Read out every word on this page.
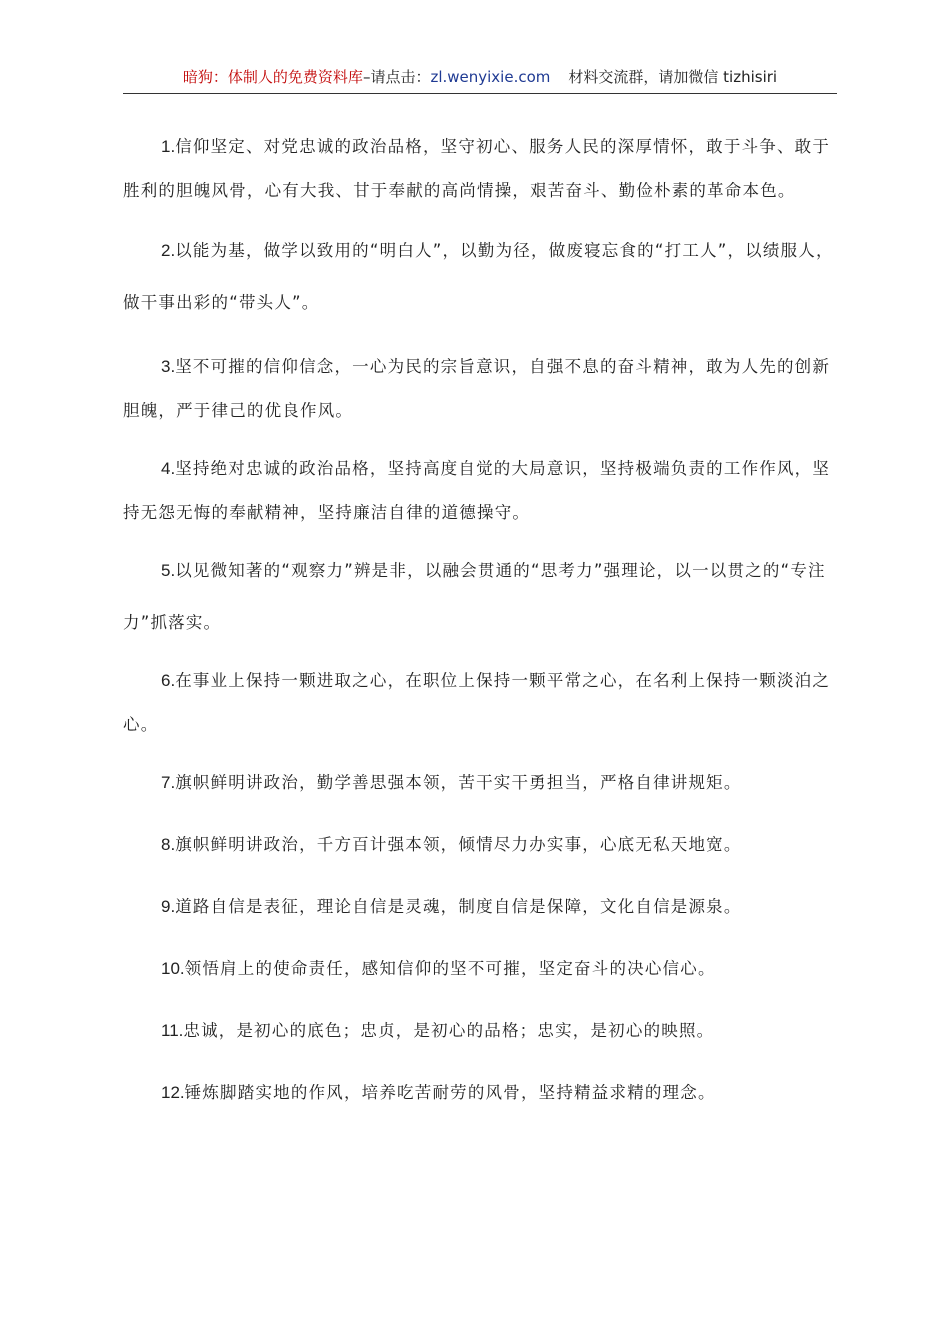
暗狗：体制人的免费资料库–请点击：zl.wenyixie.com 材料交流群，请加微信 tizhisiri

1.信仰坚定、对党忠诚的政治品格，坚守初心、服务人民的深厚情怀，敢于斗争、敢于胜利的胆魄风骨，心有大我、甘于奉献的高尚情操，艰苦奋斗、勤俭朴素的革命本色。

2.以能为基，做学以致用的“明白人”，以勤为径，做废寝忘食的“打工人”，以绩服人，做干事出彩的“带头人”。

3.坚不可摧的信仰信念，一心为民的宗旨意识，自强不息的奋斗精神，敢为人先的创新胆魄，严于律己的优良作风。

4.坚持绝对忠诚的政治品格，坚持高度自觉的大局意识，坚持极端负责的工作作风，坚持无怨无悔的奉献精神，坚持廉洁自律的道德操守。

5.以见微知著的“观察力”辨是非，以融会贯通的“思考力”强理论，以一以贯之的“专注力”抓落实。

6.在事业上保持一颗进取之心，在职位上保持一颗平常之心，在名利上保持一颗淡泊之心。

7.旗帜鲜明讲政治，勤学善思强本领，苦干实干勇担当，严格自律讲规矩。

8.旗帜鲜明讲政治，千方百计强本领，倾情尽力办实事，心底无私天地宽。

9.道路自信是表征，理论自信是灵魂，制度自信是保障，文化自信是源泉。

10.领悟肩上的使命责任，感知信仰的坚不可摧，坚定奋斗的决心信心。

11.忠诚，是初心的底色；忠贞，是初心的品格；忠实，是初心的映照。

12.锤炼脚踏实地的作风，培养吃苦耐劳的风骨，坚持精益求精的理念。
